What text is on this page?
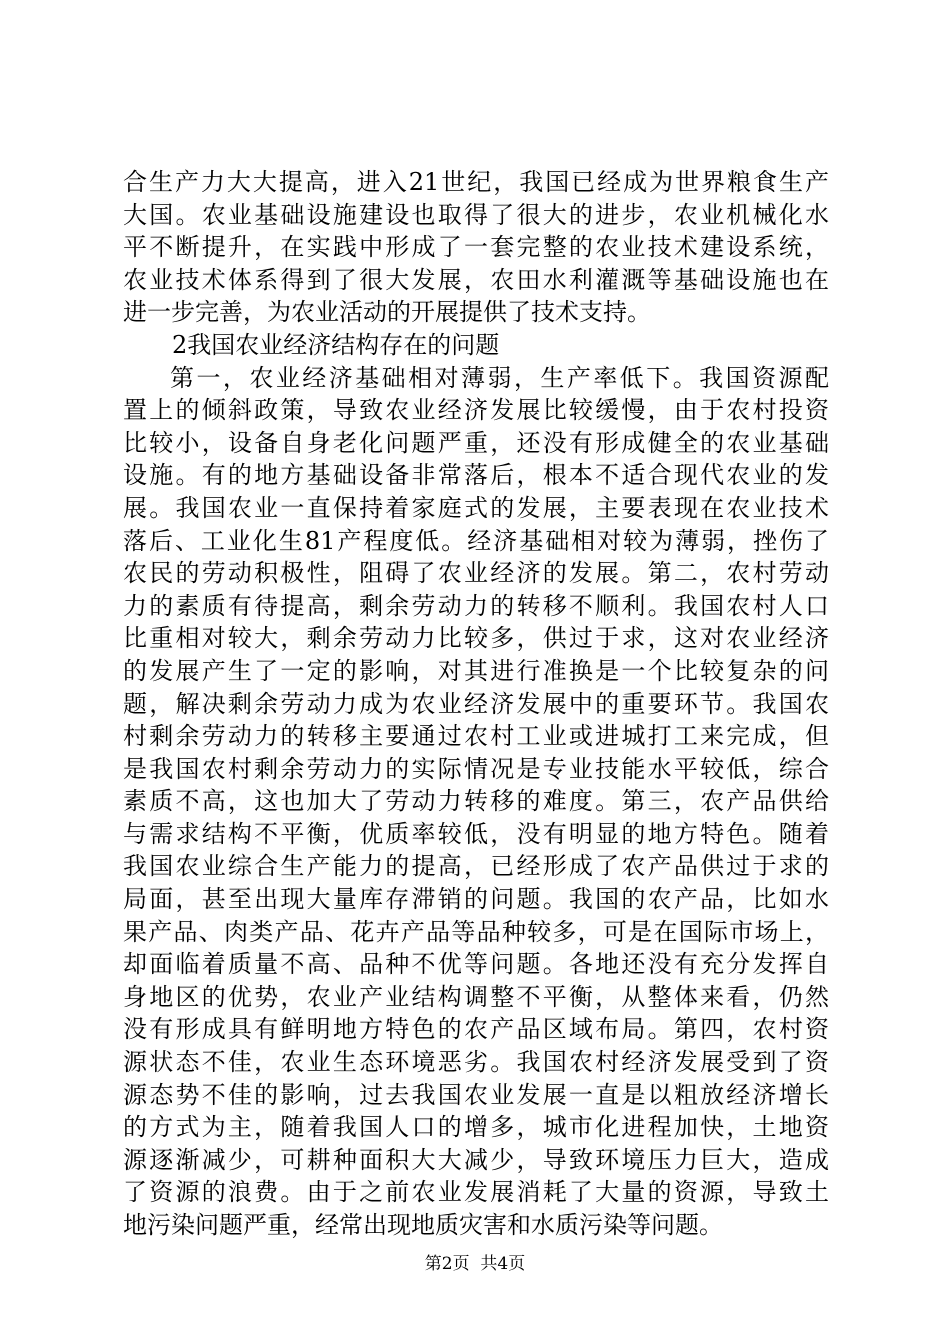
合生产力大大提高，进入21世纪，我国已经成为世界粮食生产
大国。农业基础设施建设也取得了很大的进步，农业机械化水
平不断提升，在实践中形成了一套完整的农业技术建设系统，
农业技术体系得到了很大发展，农田水利灌溉等基础设施也在
进一步完善，为农业活动的开展提供了技术支持。
2我国农业经济结构存在的问题
第一，农业经济基础相对薄弱，生产率低下。我国资源配
置上的倾斜政策，导致农业经济发展比较缓慢，由于农村投资
比较小，设备自身老化问题严重，还没有形成健全的农业基础
设施。有的地方基础设备非常落后，根本不适合现代农业的发
展。我国农业一直保持着家庭式的发展，主要表现在农业技术
落后、工业化生81产程度低。经济基础相对较为薄弱，挫伤了
农民的劳动积极性，阻碍了农业经济的发展。第二，农村劳动
力的素质有待提高，剩余劳动力的转移不顺利。我国农村人口
比重相对较大，剩余劳动力比较多，供过于求，这对农业经济
的发展产生了一定的影响，对其进行准换是一个比较复杂的问
题，解决剩余劳动力成为农业经济发展中的重要环节。我国农
村剩余劳动力的转移主要通过农村工业或进城打工来完成，但
是我国农村剩余劳动力的实际情况是专业技能水平较低，综合
素质不高，这也加大了劳动力转移的难度。第三，农产品供给
与需求结构不平衡，优质率较低，没有明显的地方特色。随着
我国农业综合生产能力的提高，已经形成了农产品供过于求的
局面，甚至出现大量库存滞销的问题。我国的农产品，比如水
果产品、肉类产品、花卉产品等品种较多，可是在国际市场上，
却面临着质量不高、品种不优等问题。各地还没有充分发挥自
身地区的优势，农业产业结构调整不平衡，从整体来看，仍然
没有形成具有鲜明地方特色的农产品区域布局。第四，农村资
源状态不佳，农业生态环境恶劣。我国农村经济发展受到了资
源态势不佳的影响，过去我国农业发展一直是以粗放经济增长
的方式为主，随着我国人口的增多，城市化进程加快，土地资
源逐渐减少，可耕种面积大大减少，导致环境压力巨大，造成
了资源的浪费。由于之前农业发展消耗了大量的资源，导致土
地污染问题严重，经常出现地质灾害和水质污染等问题。
第2页  共4页
